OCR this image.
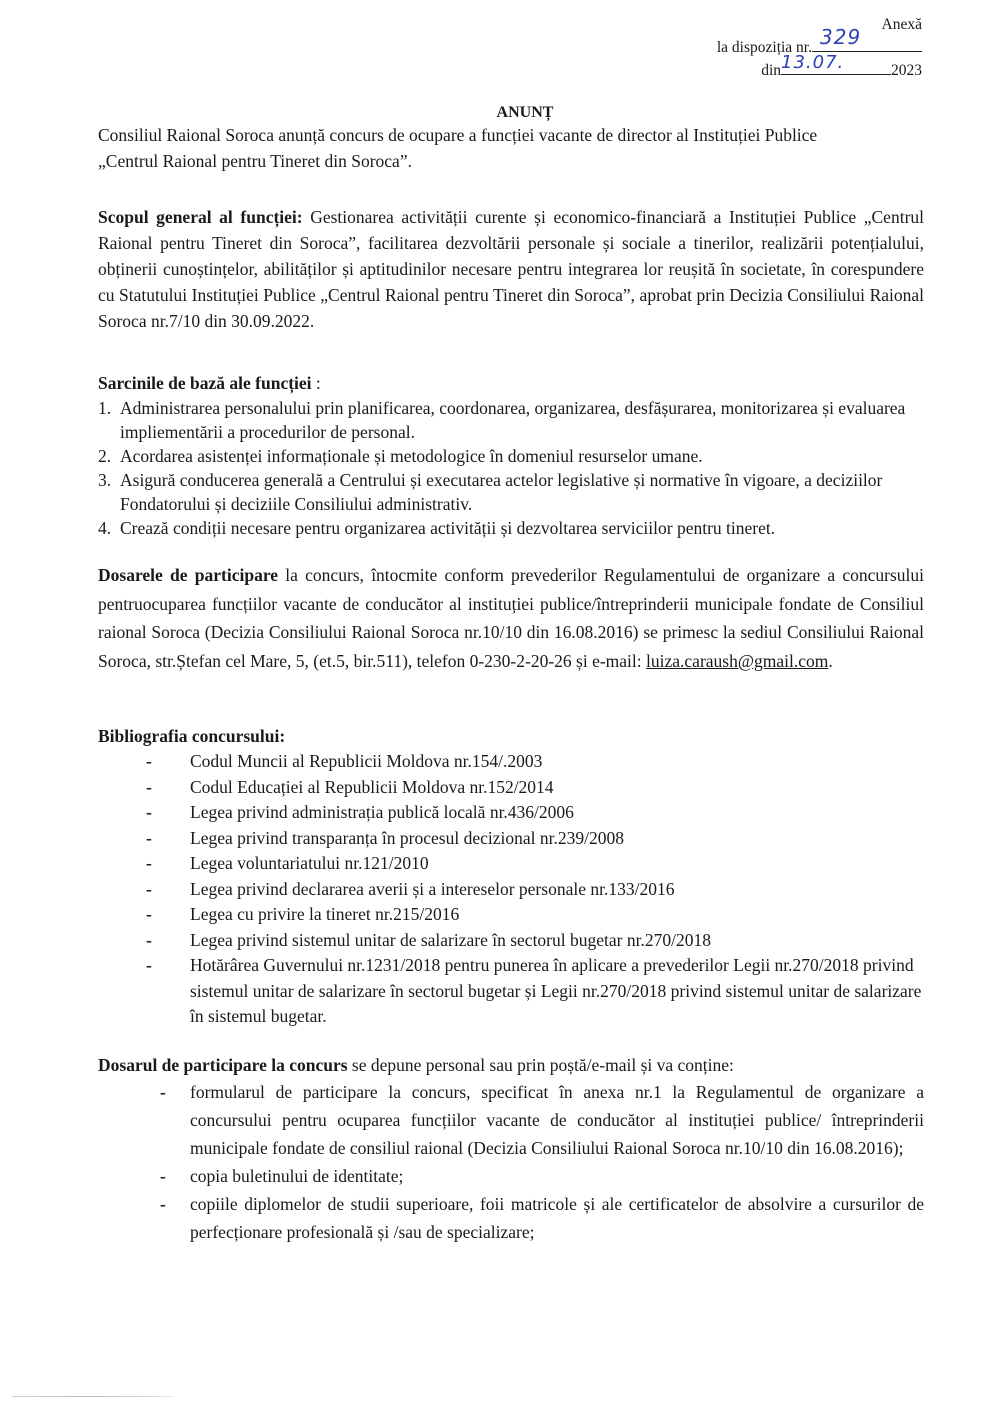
Anexă
la dispoziția nr. 329
din 13.07.	2023
ANUNȚ
Consiliul Raional Soroca anunță concurs de ocupare a funcției vacante de director al Instituției Publice
„Centrul Raional pentru Tineret din Soroca”.
Scopul general al funcției: Gestionarea activității curente și economico-financiară a Instituției Publice „Centrul Raional pentru Tineret din Soroca”, facilitarea dezvoltării personale și sociale a tinerilor, realizării potențialului, obținerii cunoștințelor, abilităților și aptitudinilor necesare pentru integrarea lor reușită în societate, în corespundere cu Statutului Instituției Publice „Centrul Raional pentru Tineret din Soroca”, aprobat prin Decizia Consiliului Raional Soroca nr.7/10 din 30.09.2022.
Sarcinile de bază ale funcției :
1. Administrarea personalului prin planificarea, coordonarea, organizarea, desfășurarea, monitorizarea și evaluarea impliementării a procedurilor de personal.
2. Acordarea asistenței informaționale și metodologice în domeniul resurselor umane.
3. Asigură conducerea generală a Centrului și executarea actelor legislative și normative în vigoare, a deciziilor Fondatorului și deciziile Consiliului administrativ.
4. Crează condiții necesare pentru organizarea activității și dezvoltarea serviciilor pentru tineret.
Dosarele de participare la concurs, întocmite conform prevederilor Regulamentului de organizare a concursului pentruocuparea funcțiilor vacante de conducător al instituției publice/întreprinderii municipale fondate de Consiliul raional Soroca (Decizia Consiliului Raional Soroca nr.10/10 din 16.08.2016) se primesc la sediul Consiliului Raional Soroca, str.Ștefan cel Mare, 5, (et.5, bir.511), telefon 0-230-2-20-26 și e-mail: luiza.caraush@gmail.com.
Bibliografia concursului:
- Codul Muncii al Republicii Moldova nr.154/.2003
- Codul Educației al Republicii Moldova nr.152/2014
- Legea privind administrația publică locală nr.436/2006
- Legea privind transparanța în procesul decizional nr.239/2008
- Legea voluntariatului nr.121/2010
- Legea privind declararea averii și a intereselor personale nr.133/2016
- Legea cu privire la tineret nr.215/2016
- Legea privind sistemul unitar de salarizare în sectorul bugetar nr.270/2018
- Hotărârea Guvernului nr.1231/2018 pentru punerea în aplicare a prevederilor Legii nr.270/2018 privind sistemul unitar de salarizare în sectorul bugetar și Legii nr.270/2018 privind sistemul unitar de salarizare în sistemul bugetar.
Dosarul de participare la concurs se depune personal sau prin poștă/e-mail și va conține:
- formularul de participare la concurs, specificat în anexa nr.1 la Regulamentul de organizare a concursului pentru ocuparea funcțiilor vacante de conducător al instituției publice/ întreprinderii municipale fondate de consiliul raional (Decizia Consiliului Raional Soroca nr.10/10 din 16.08.2016);
- copia buletinului de identitate;
- copiile diplomelor de studii superioare, foii matricole și ale certificatelor de absolvire a cursurilor de perfecționare profesională și /sau de specializare;
